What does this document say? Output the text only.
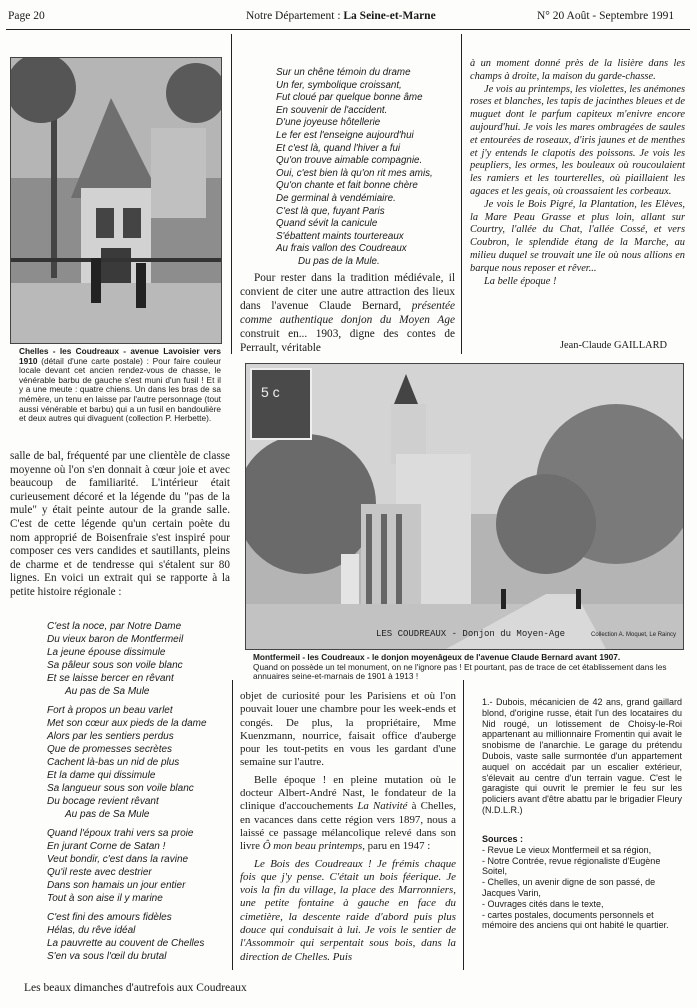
Page 20	Notre Département : La Seine-et-Marne	N° 20 Août - Septembre 1991
Chelles - les Coudreaux - avenue Lavoisier vers 1910 (détail d'une carte postale) : Pour faire couleur locale devant cet ancien rendez-vous de chasse, le vénérable barbu de gauche s'est muni d'un fusil ! Et il y a une meute : quatre chiens. Un dans les bras de sa mémère, un tenu en laisse par l'autre personnage (tout aussi vénérable et barbu) qui a un fusil en bandoulière et deux autres qui divaguent (collection P. Herbette).
Sur un chêne témoin du drame
Un fer, symbolique croissant,
Fut cloué par quelque bonne âme
En souvenir de l'accident.
D'une joyeuse hôtellerie
Le fer est l'enseigne aujourd'hui
Et c'est là, quand l'hiver a fui
Qu'on trouve aimable compagnie.
Oui, c'est bien là qu'on rit mes amis,
Qu'on chante et fait bonne chère
De germinal à vendémiaire.
C'est là que, fuyant Paris
Quand sévit la canicule
S'ébattent maints tourtereaux
Au frais vallon des Coudreaux
Du pas de la Mule.
Pour rester dans la tradition médiévale, il convient de citer une autre attraction des lieux dans l'avenue Claude Bernard, présentée comme authentique donjon du Moyen Age construit en... 1903, digne des contes de Perrault, véritable

à un moment donné près de la lisière dans les champs à droite, la maison du garde-chasse.

Je vois au printemps, les violettes, les anémones roses et blanches, les tapis de jacinthes bleues et de muguet dont le parfum capiteux m'enivre encore aujourd'hui. Je vois les mares ombragées de saules et entourées de roseaux, d'iris jaunes et de menthes et j'y entends le clapotis des poissons. Je vois les peupliers, les ormes, les bouleaux où roucoulaient les ramiers et les tourterelles, où piaillaient les agaces et les geais, où croassaient les corbeaux.

Je vois le Bois Pigré, la Plantation, les Elèves, la Mare Peau Grasse et plus loin, allant sur Courtry, l'allée du Chat, l'allée Cossé, et vers Coubron, le splendide étang de la Marche, au milieu duquel se trouvait une île où nous allions en barque nous reposer et rêver...

La belle époque !

Jean-Claude GAILLARD
5 c
LES COUDREAUX - Donjon du Moyen-Age	Collection A. Moquet, Le Raincy
Montfermeil - les Coudreaux - le donjon moyenâgeux de l'avenue Claude Bernard avant 1907.
Quand on possède un tel monument, on ne l'ignore pas ! Et pourtant, pas de trace de cet établissement dans les annuaires seine-et-marnais de 1901 à 1913 !
salle de bal, fréquenté par une clientèle de classe moyenne où l'on s'en donnait à cœur joie et avec beaucoup de familiarité. L'intérieur était curieusement décoré et la légende du "pas de la mule" y était peinte autour de la grande salle. C'est de cette légende qu'un certain poète du nom approprié de Boisenfraie s'est inspiré pour composer ces vers candides et sautillants, pleins de charme et de tendresse qui s'étalent sur 80 lignes. En voici un extrait qui se rapporte à la petite histoire régionale :
C'est la noce, par Notre Dame
Du vieux baron de Montfermeil
La jeune épouse dissimule
Sa pâleur sous son voile blanc
Et se laisse bercer en rêvant
Au pas de Sa Mule
Fort à propos un beau varlet
Met son cœur aux pieds de la dame
Alors par les sentiers perdus
Que de promesses secrètes
Cachent là-bas un nid de plus
Et la dame qui dissimule
Sa langueur sous son voile blanc
Du bocage revient rêvant
Au pas de Sa Mule
Quand l'époux trahi vers sa proie
En jurant Corne de Satan !
Veut bondir, c'est dans la ravine
Qu'il reste avec destrier
Dans son hamais un jour entier
Tout à son aise il y marine
C'est fini des amours fidèles
Hélas, du rêve idéal
La pauvrette au couvent de Chelles
S'en va sous l'œil du brutal

objet de curiosité pour les Parisiens et où l'on pouvait louer une chambre pour les week-ends et congés. De plus, la propriétaire, Mme Kuenzmann, nourrice, faisait office d'auberge pour les tout-petits en vous les gardant d'une semaine sur l'autre.

Belle époque ! en pleine mutation où le docteur Albert-André Nast, le fondateur de la clinique d'accouchements La Nativité à Chelles, en vacances dans cette région vers 1897, nous a laissé ce passage mélancolique relevé dans son livre Ô mon beau printemps, paru en 1947 :

Le Bois des Coudreaux ! Je frémis chaque fois que j'y pense. C'était un bois féerique. Je vois la fin du village, la place des Marronniers, une petite fontaine à gauche en face du cimetière, la descente raide d'abord puis plus douce qui conduisait à lui. Je vois le sentier de l'Assommoir qui serpentait sous bois, dans la direction de Chelles. Puis

1.- Dubois, mécanicien de 42 ans, grand gaillard blond, d'origine russe, était l'un des locataires du Nid rougé, un lotissement de Choisy-le-Roi appartenant au millionnaire Fromentin qui avait le snobisme de l'anarchie. Le garage du prétendu Dubois, vaste salle surmontée d'un appartement auquel on accédait par un escalier extérieur, s'élevait au centre d'un terrain vague. C'est le garagiste qui ouvrit le premier le feu sur les policiers avant d'être abattu par le brigadier Fleury (N.D.L.R.)
Sources :
- Revue Le vieux Montfermeil et sa région,
- Notre Contrée, revue régionaliste d'Eugène Soitel,
- Chelles, un avenir digne de son passé, de Jacques Varin,
- Ouvrages cités dans le texte,
- cartes postales, documents personnels et mémoire des anciens qui ont habité le quartier.
Les beaux dimanches d'autrefois aux Coudreaux
